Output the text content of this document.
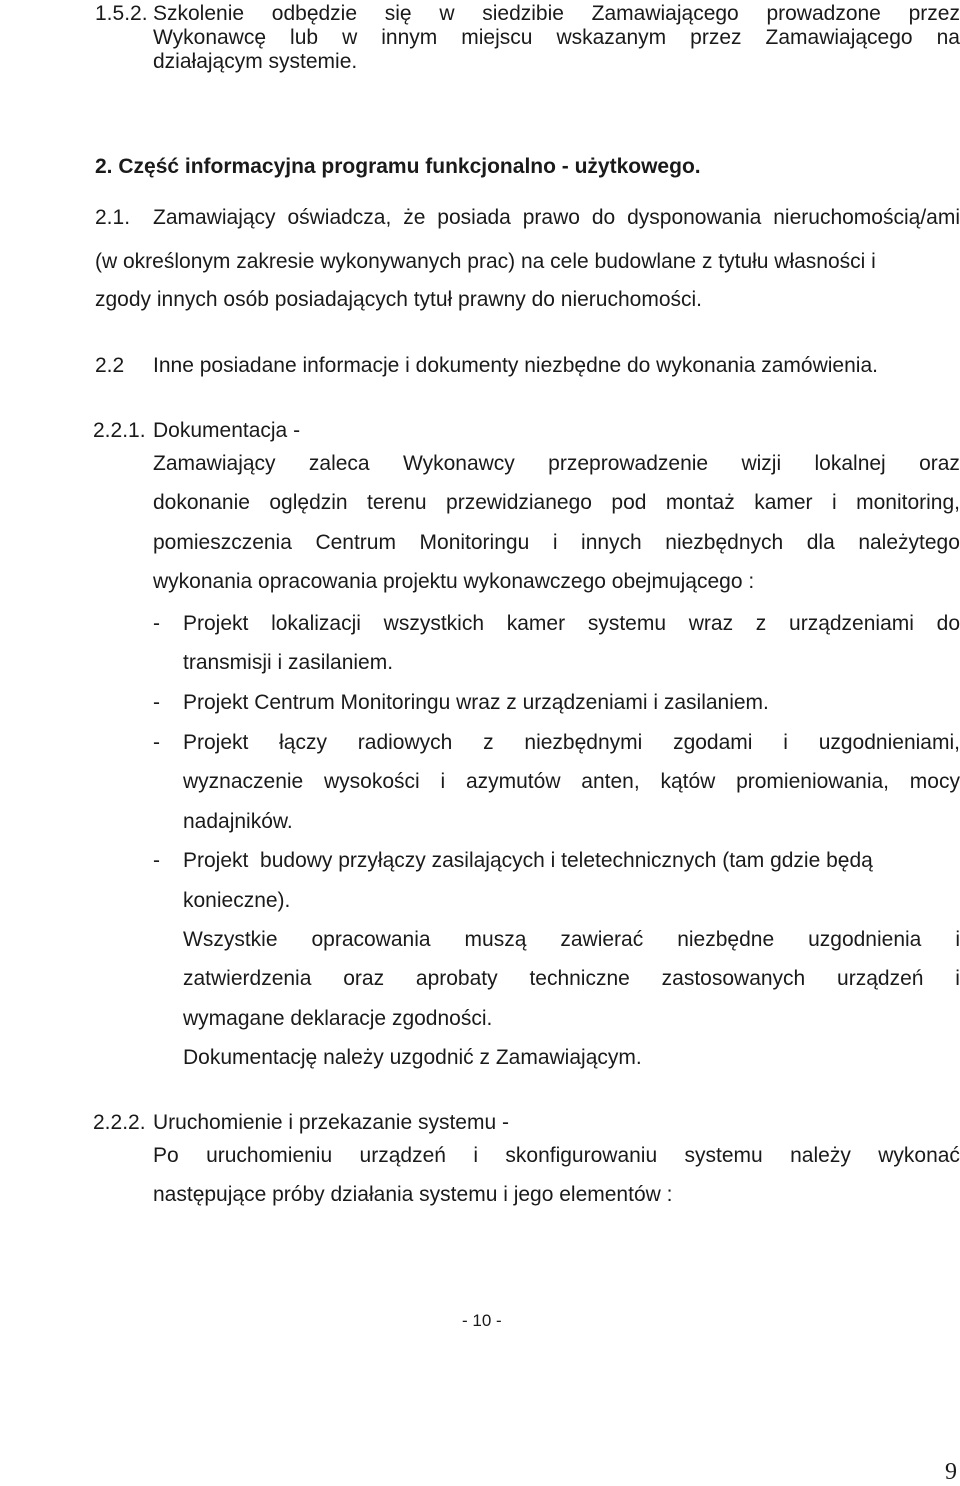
1.5.2. Szkolenie odbędzie się w siedzibie Zamawiającego prowadzone przez
Wykonawcę lub w innym miejscu wskazanym przez Zamawiającego na
działającym systemie.
2. Część informacyjna programu funkcjonalno - użytkowego.
2.1. Zamawiający oświadcza, że posiada prawo do dysponowania nieruchomością/ami
(w określonym zakresie wykonywanych prac) na cele budowlane z tytułu własności i
zgody innych osób posiadających tytuł prawny do nieruchomości.
2.2 Inne posiadane informacje i dokumenty niezbędne do wykonania zamówienia.
2.2.1. Dokumentacja -
Zamawiający zaleca Wykonawcy przeprowadzenie wizji lokalnej oraz
dokonanie oględzin terenu przewidzianego pod montaż kamer i monitoring,
pomieszczenia Centrum Monitoringu i innych niezbędnych dla należytego
wykonania opracowania projektu wykonawczego obejmującego :
- Projekt lokalizacji wszystkich kamer systemu wraz z urządzeniami do
transmisji i zasilaniem.
- Projekt Centrum Monitoringu wraz z urządzeniami i zasilaniem.
- Projekt łączy radiowych z niezbędnymi zgodami i uzgodnieniami,
wyznaczenie wysokości i azymutów anten, kątów promieniowania, mocy
nadajników.
- Projekt  budowy przyłączy zasilających i teletechnicznych (tam gdzie będą
konieczne).
Wszystkie opracowania muszą zawierać niezbędne uzgodnienia i
zatwierdzenia oraz aprobaty techniczne zastosowanych urządzeń i
wymagane deklaracje zgodności.
Dokumentację należy uzgodnić z Zamawiającym.
2.2.2. Uruchomienie i przekazanie systemu -
Po uruchomieniu urządzeń i skonfigurowaniu systemu należy wykonać
następujące próby działania systemu i jego elementów :
- 10 -
9
